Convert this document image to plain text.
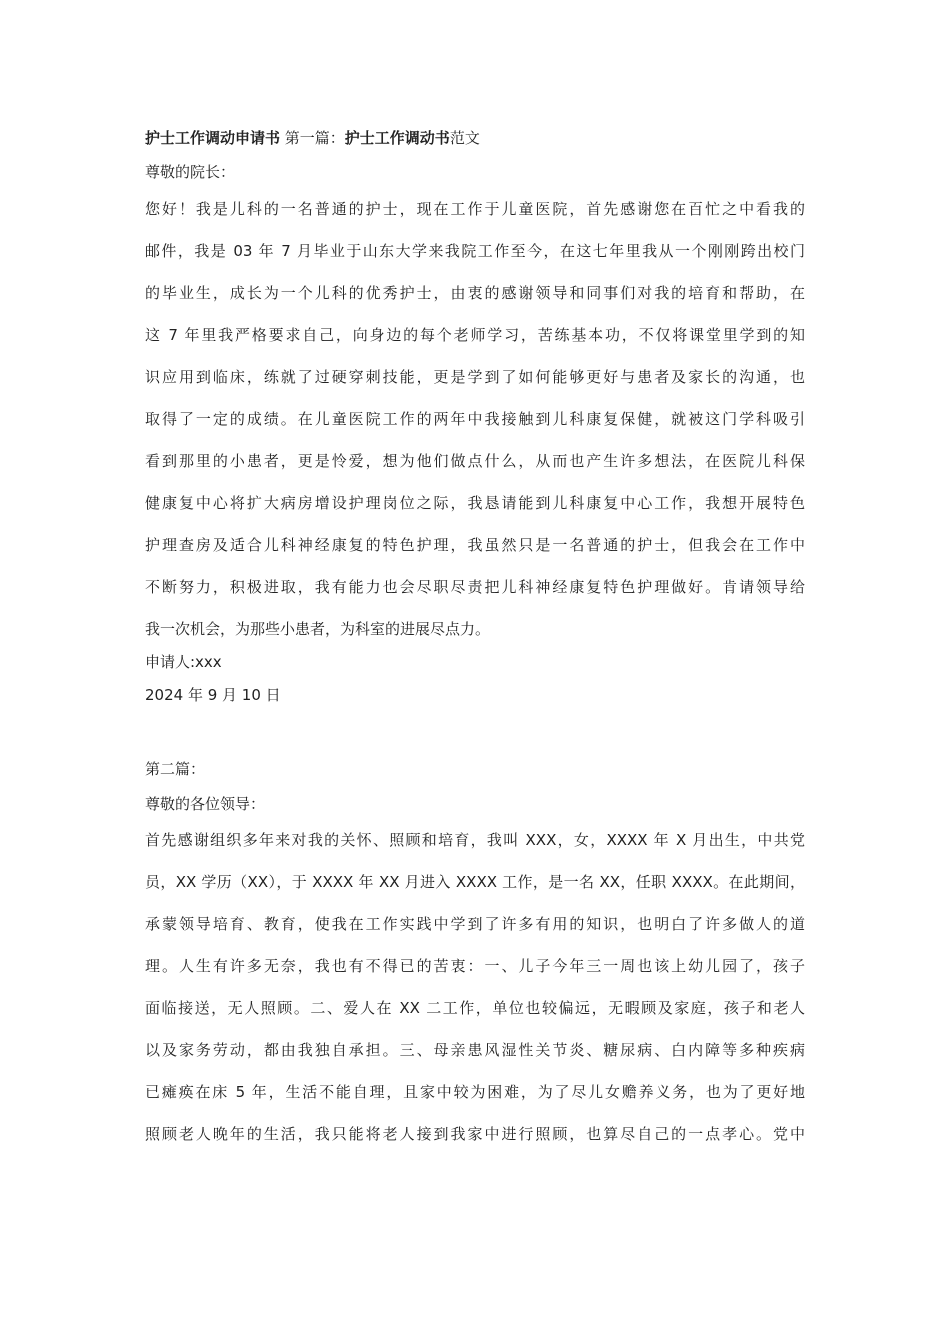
护士工作调动申请书 第一篇：护士工作调动书范文
尊敬的院长：
您好！我是儿科的一名普通的护士，现在工作于儿童医院，首先感谢您在百忙之中看我的
邮件，我是 03 年 7 月毕业于山东大学来我院工作至今，在这七年里我从一个刚刚跨出校门
的毕业生，成长为一个儿科的优秀护士，由衷的感谢领导和同事们对我的培育和帮助，在
这 7 年里我严格要求自己，向身边的每个老师学习，苦练基本功，不仅将课堂里学到的知
识应用到临床，练就了过硬穿刺技能，更是学到了如何能够更好与患者及家长的沟通，也
取得了一定的成绩。在儿童医院工作的两年中我接触到儿科康复保健，就被这门学科吸引
看到那里的小患者，更是怜爱，想为他们做点什么，从而也产生许多想法，在医院儿科保
健康复中心将扩大病房增设护理岗位之际，我恳请能到儿科康复中心工作，我想开展特色
护理查房及适合儿科神经康复的特色护理，我虽然只是一名普通的护士，但我会在工作中
不断努力，积极进取，我有能力也会尽职尽责把儿科神经康复特色护理做好。肯请领导给
我一次机会，为那些小患者，为科室的进展尽点力。
申请人:xxx
2024 年 9 月 10 日
第二篇：
尊敬的各位领导：
首先感谢组织多年来对我的关怀、照顾和培育，我叫 XXX，女，XXXX 年 X 月出生，中共党
员，XX 学历（XX），于 XXXX 年 XX 月进入 XXXX 工作，是一名 XX，任职 XXXX。在此期间，
承蒙领导培育、教育，使我在工作实践中学到了许多有用的知识，也明白了许多做人的道
理。人生有许多无奈，我也有不得已的苦衷：一、儿子今年三一周也该上幼儿园了，孩子
面临接送，无人照顾。二、爱人在 XX 二工作，单位也较偏远，无暇顾及家庭，孩子和老人
以及家务劳动，都由我独自承担。三、母亲患风湿性关节炎、糖尿病、白内障等多种疾病
已瘫痪在床 5 年，生活不能自理，且家中较为困难，为了尽儿女赡养义务，也为了更好地
照顾老人晚年的生活，我只能将老人接到我家中进行照顾，也算尽自己的一点孝心。党中
